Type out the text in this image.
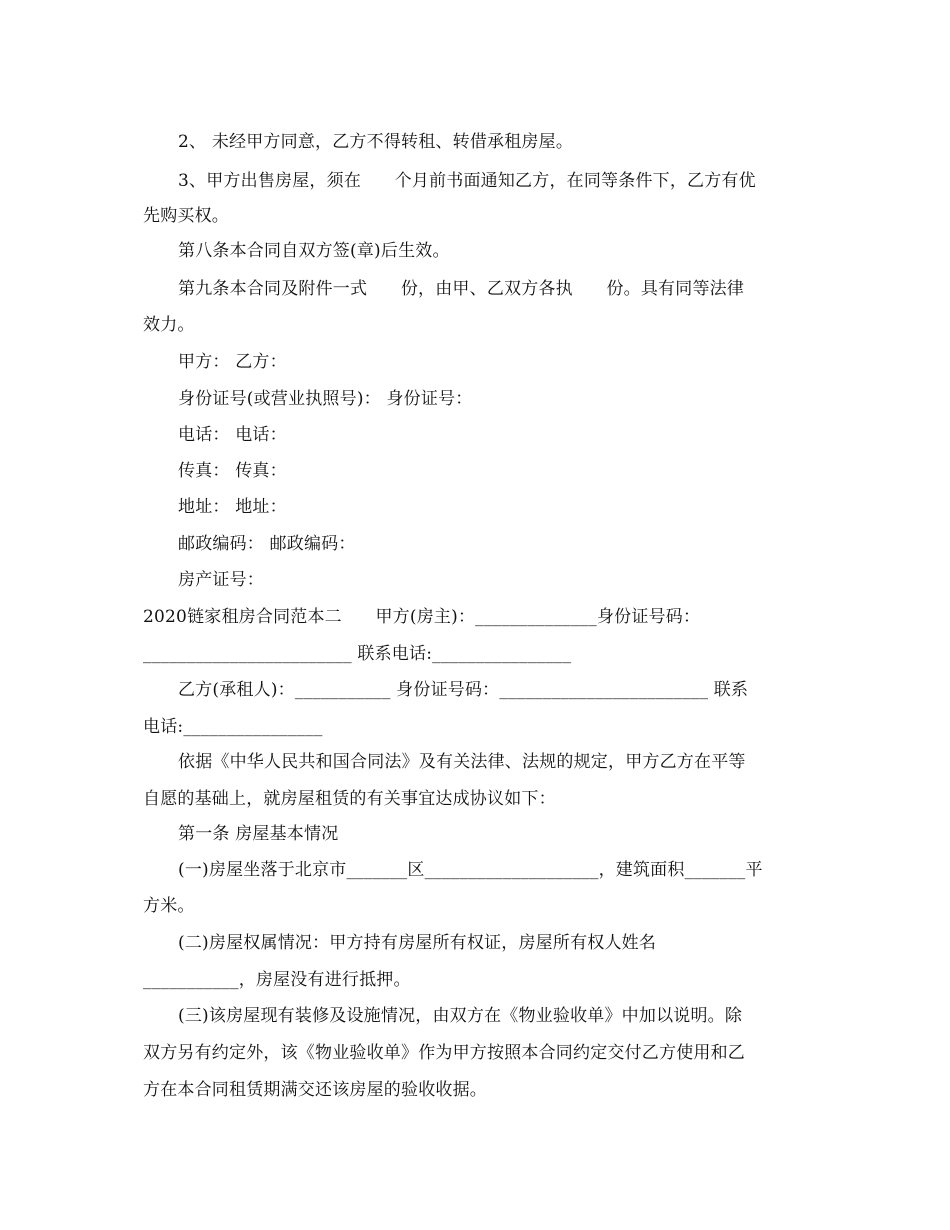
2、 未经甲方同意，乙方不得转租、转借承租房屋。
3、甲方出售房屋，须在      个月前书面通知乙方，在同等条件下，乙方有优
先购买权。
第八条本合同自双方签(章)后生效。
第九条本合同及附件一式      份，由甲、乙双方各执      份。具有同等法律
效力。
甲方： 乙方：
身份证号(或营业执照号)： 身份证号：
电话： 电话：
传真： 传真：
地址： 地址：
邮政编码： 邮政编码：
房产证号：
2020链家租房合同范本二      甲方(房主)：______________身份证号码：
________________________ 联系电话:________________
乙方(承租人)：___________ 身份证号码：________________________ 联系
电话:________________
依据《中华人民共和国合同法》及有关法律、法规的规定，甲方乙方在平等
自愿的基础上，就房屋租赁的有关事宜达成协议如下：
第一条 房屋基本情况
(一)房屋坐落于北京市_______区____________________，建筑面积_______平
方米。
(二)房屋权属情况：甲方持有房屋所有权证，房屋所有权人姓名
___________，房屋没有进行抵押。
(三)该房屋现有装修及设施情况，由双方在《物业验收单》中加以说明。除
双方另有约定外，该《物业验收单》作为甲方按照本合同约定交付乙方使用和乙
方在本合同租赁期满交还该房屋的验收收据。
